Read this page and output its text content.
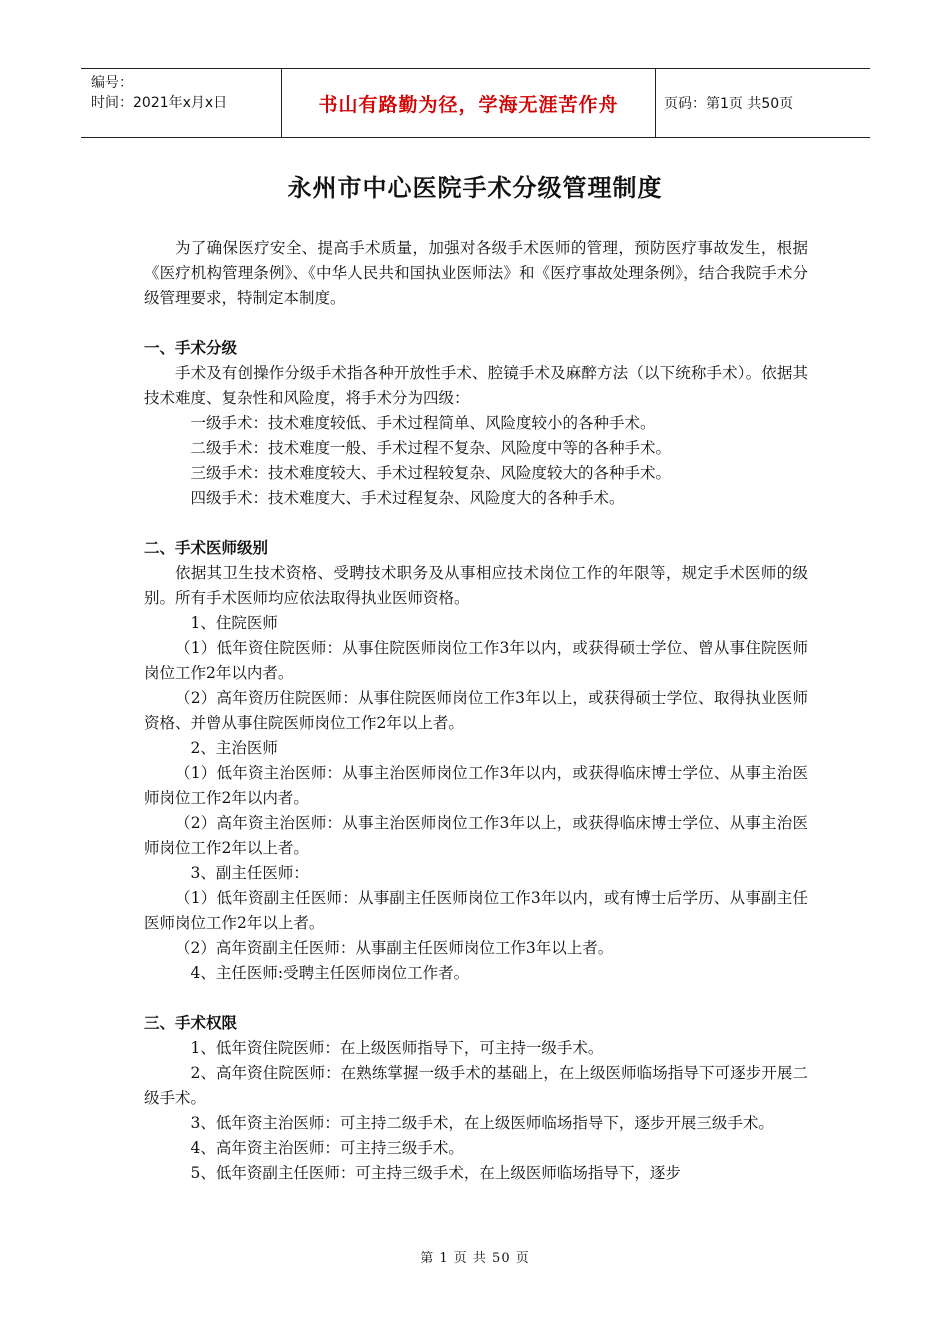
编号：
时间：2021年x月x日	书山有路勤为径，学海无涯苦作舟	页码：第1页 共50页
永州市中心医院手术分级管理制度

为了确保医疗安全、提高手术质量，加强对各级手术医师的管理，预防医疗事故发生，根据《医疗机构管理条例》、《中华人民共和国执业医师法》和《医疗事故处理条例》，结合我院手术分级管理要求，特制定本制度。

一、手术分级

手术及有创操作分级手术指各种开放性手术、腔镜手术及麻醉方法（以下统称手术）。依据其技术难度、复杂性和风险度，将手术分为四级：

一级手术：技术难度较低、手术过程简单、风险度较小的各种手术。

二级手术：技术难度一般、手术过程不复杂、风险度中等的各种手术。

三级手术：技术难度较大、手术过程较复杂、风险度较大的各种手术。

四级手术：技术难度大、手术过程复杂、风险度大的各种手术。

二、手术医师级别

依据其卫生技术资格、受聘技术职务及从事相应技术岗位工作的年限等，规定手术医师的级别。所有手术医师均应依法取得执业医师资格。

1、住院医师

（1）低年资住院医师：从事住院医师岗位工作3年以内，或获得硕士学位、曾从事住院医师岗位工作2年以内者。

（2）高年资历住院医师：从事住院医师岗位工作3年以上，或获得硕士学位、取得执业医师资格、并曾从事住院医师岗位工作2年以上者。

2、主治医师

（1）低年资主治医师：从事主治医师岗位工作3年以内，或获得临床博士学位、从事主治医师岗位工作2年以内者。

（2）高年资主治医师：从事主治医师岗位工作3年以上，或获得临床博士学位、从事主治医师岗位工作2年以上者。

3、副主任医师：

（1）低年资副主任医师：从事副主任医师岗位工作3年以内，或有博士后学历、从事副主任医师岗位工作2年以上者。

（2）高年资副主任医师：从事副主任医师岗位工作3年以上者。

4、主任医师:受聘主任医师岗位工作者。

三、手术权限

1、低年资住院医师：在上级医师指导下，可主持一级手术。

2、高年资住院医师：在熟练掌握一级手术的基础上，在上级医师临场指导下可逐步开展二级手术。

3、低年资主治医师：可主持二级手术，在上级医师临场指导下，逐步开展三级手术。

4、高年资主治医师：可主持三级手术。

5、低年资副主任医师：可主持三级手术，在上级医师临场指导下，逐步

第 1 页 共 50 页
